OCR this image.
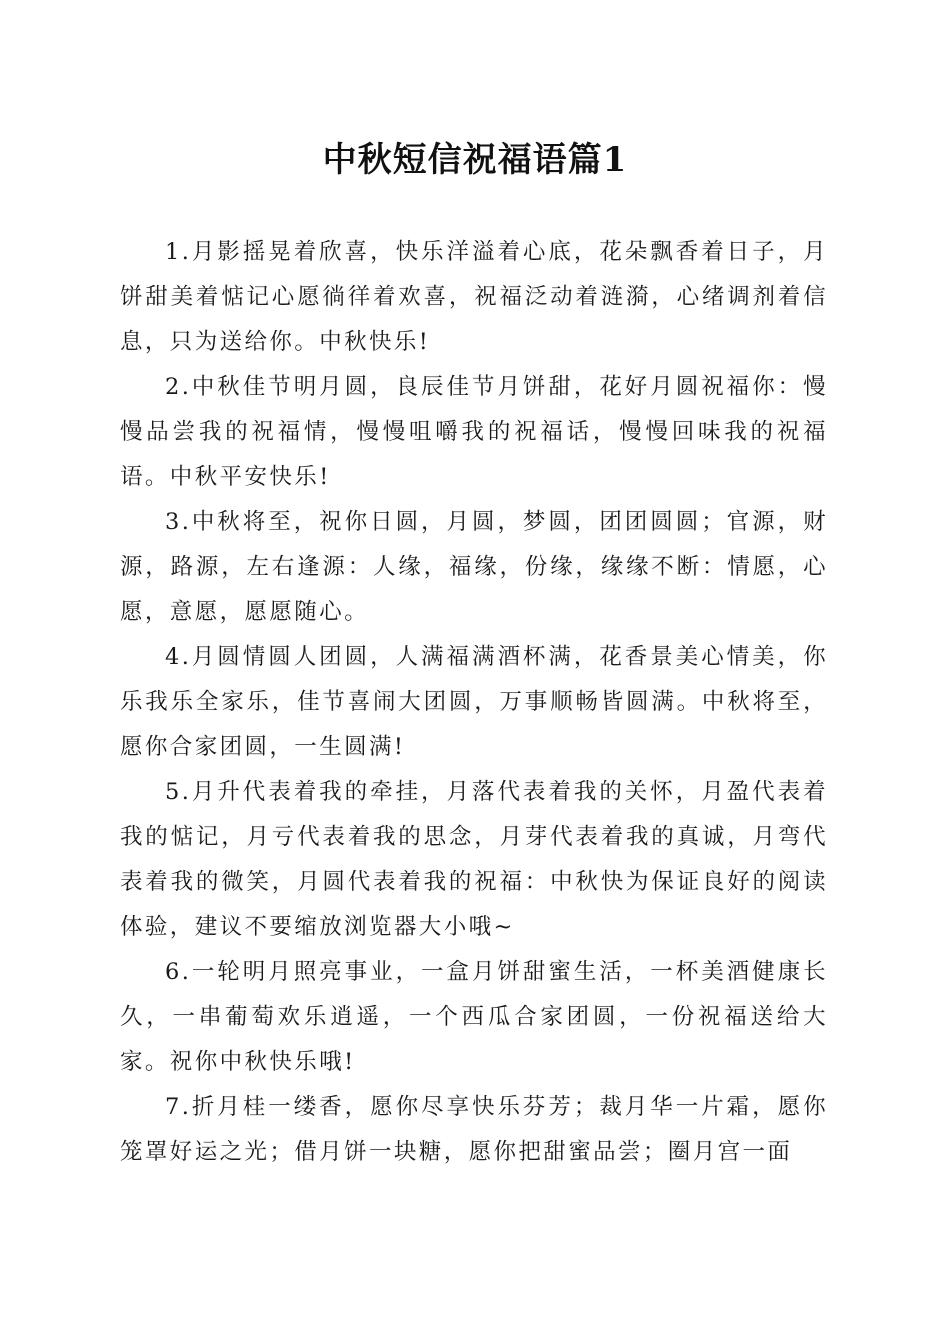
中秋短信祝福语篇1

1.月影摇晃着欣喜，快乐洋溢着心底，花朵飘香着日子，月饼甜美着惦记心愿徜徉着欢喜，祝福泛动着涟漪，心绪调剂着信息，只为送给你。中秋快乐!

2.中秋佳节明月圆，良辰佳节月饼甜，花好月圆祝福你：慢慢品尝我的祝福情，慢慢咀嚼我的祝福话，慢慢回味我的祝福语。中秋平安快乐!

3.中秋将至，祝你日圆，月圆，梦圆，团团圆圆；官源，财源，路源，左右逢源：人缘，福缘，份缘，缘缘不断：情愿，心愿，意愿，愿愿随心。

4.月圆情圆人团圆，人满福满酒杯满，花香景美心情美，你乐我乐全家乐，佳节喜闹大团圆，万事顺畅皆圆满。中秋将至，愿你合家团圆，一生圆满!

5.月升代表着我的牵挂，月落代表着我的关怀，月盈代表着我的惦记，月亏代表着我的思念，月芽代表着我的真诚，月弯代表着我的微笑，月圆代表着我的祝福：中秋快为保证良好的阅读体验，建议不要缩放浏览器大小哦~

6.一轮明月照亮事业，一盒月饼甜蜜生活，一杯美酒健康长久，一串葡萄欢乐逍遥，一个西瓜合家团圆，一份祝福送给大家。祝你中秋快乐哦!

7.折月桂一缕香，愿你尽享快乐芬芳；裁月华一片霜，愿你笼罩好运之光；借月饼一块糖，愿你把甜蜜品尝；圈月宫一面
